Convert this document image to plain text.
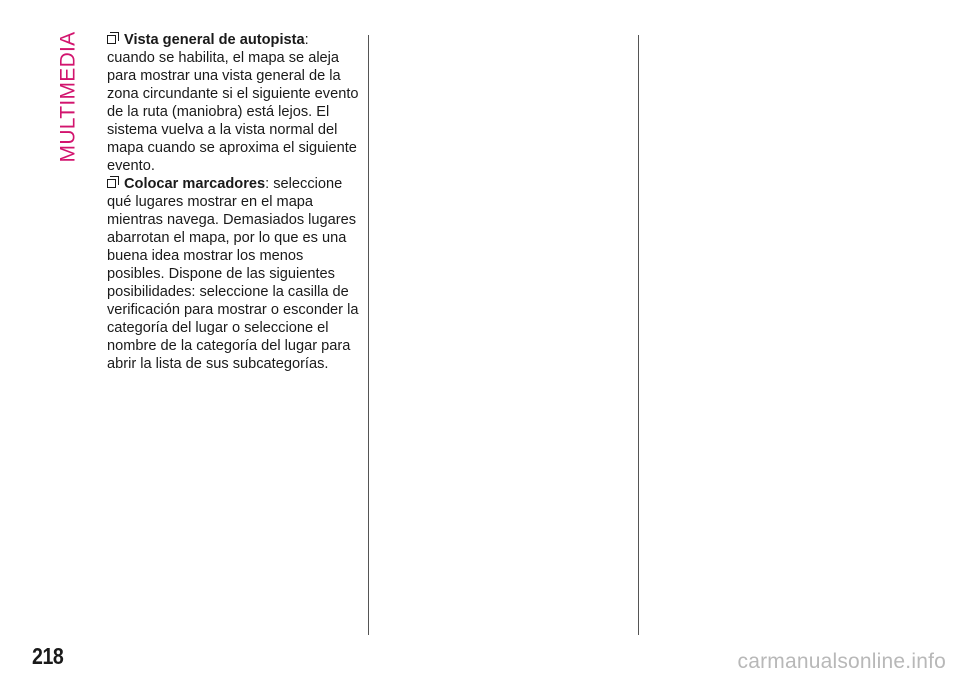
MULTIMEDIA	Vista general de autopista: cuando se habilita, el mapa se aleja para mostrar una vista general de la zona circundante si el siguiente evento de la ruta (maniobra) está lejos. El sistema vuelva a la vista normal del mapa cuando se aproxima el siguiente evento.

Colocar marcadores: seleccione qué lugares mostrar en el mapa mientras navega. Demasiados lugares abarrotan el mapa, por lo que es una buena idea mostrar los menos posibles. Dispone de las siguientes posibilidades: seleccione la casilla de verificación para mostrar o esconder la categoría del lugar o seleccione el nombre de la categoría del lugar para abrir la lista de sus subcategorías.

218	carmanualsonline.info
